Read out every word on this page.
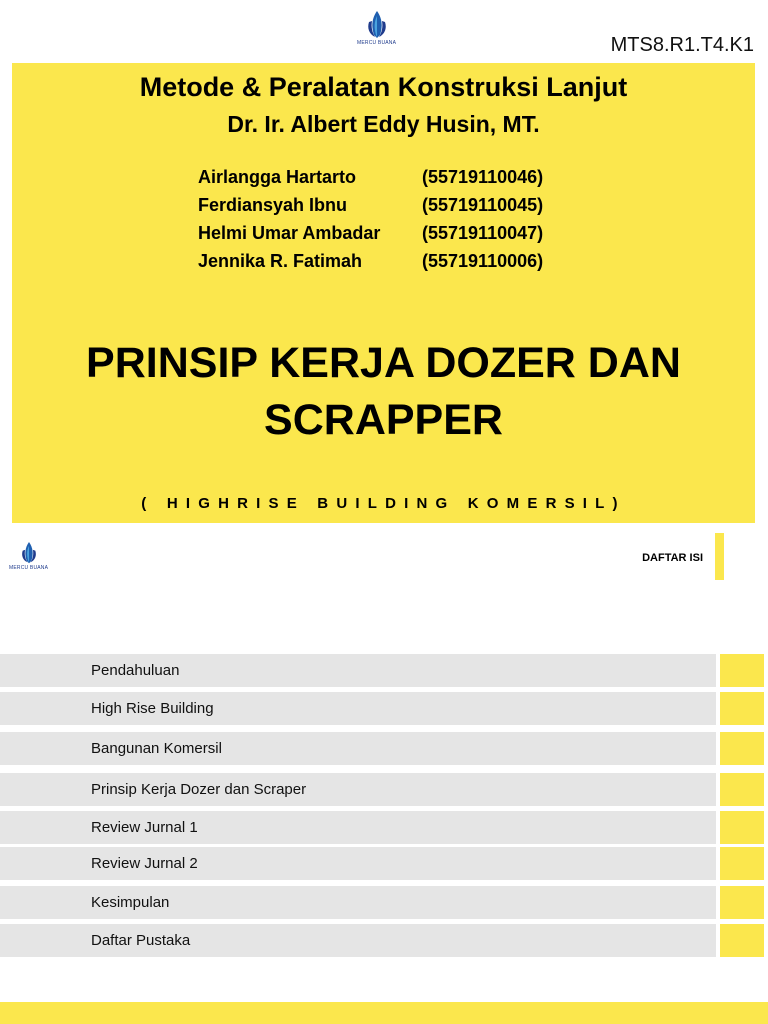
MERCU BUANA	MTS8.R1.T4.K1
Metode & Peralatan Konstruksi Lanjut
Dr. Ir. Albert Eddy Husin, MT.
Airlangga Hartarto	(55719110046)
Ferdiansyah Ibnu	(55719110045)
Helmi Umar Ambadar	(55719110047)
Jennika R. Fatimah	(55719110006)
PRINSIP KERJA DOZER DAN
SCRAPPER
( HIGHRISE BUILDING KOMERSIL)
MERCU BUANA
DAFTAR ISI
Pendahuluan
High Rise Building
Bangunan Komersil
Prinsip Kerja Dozer dan Scraper
Review Jurnal 1
Review Jurnal 2
Kesimpulan
Daftar Pustaka
